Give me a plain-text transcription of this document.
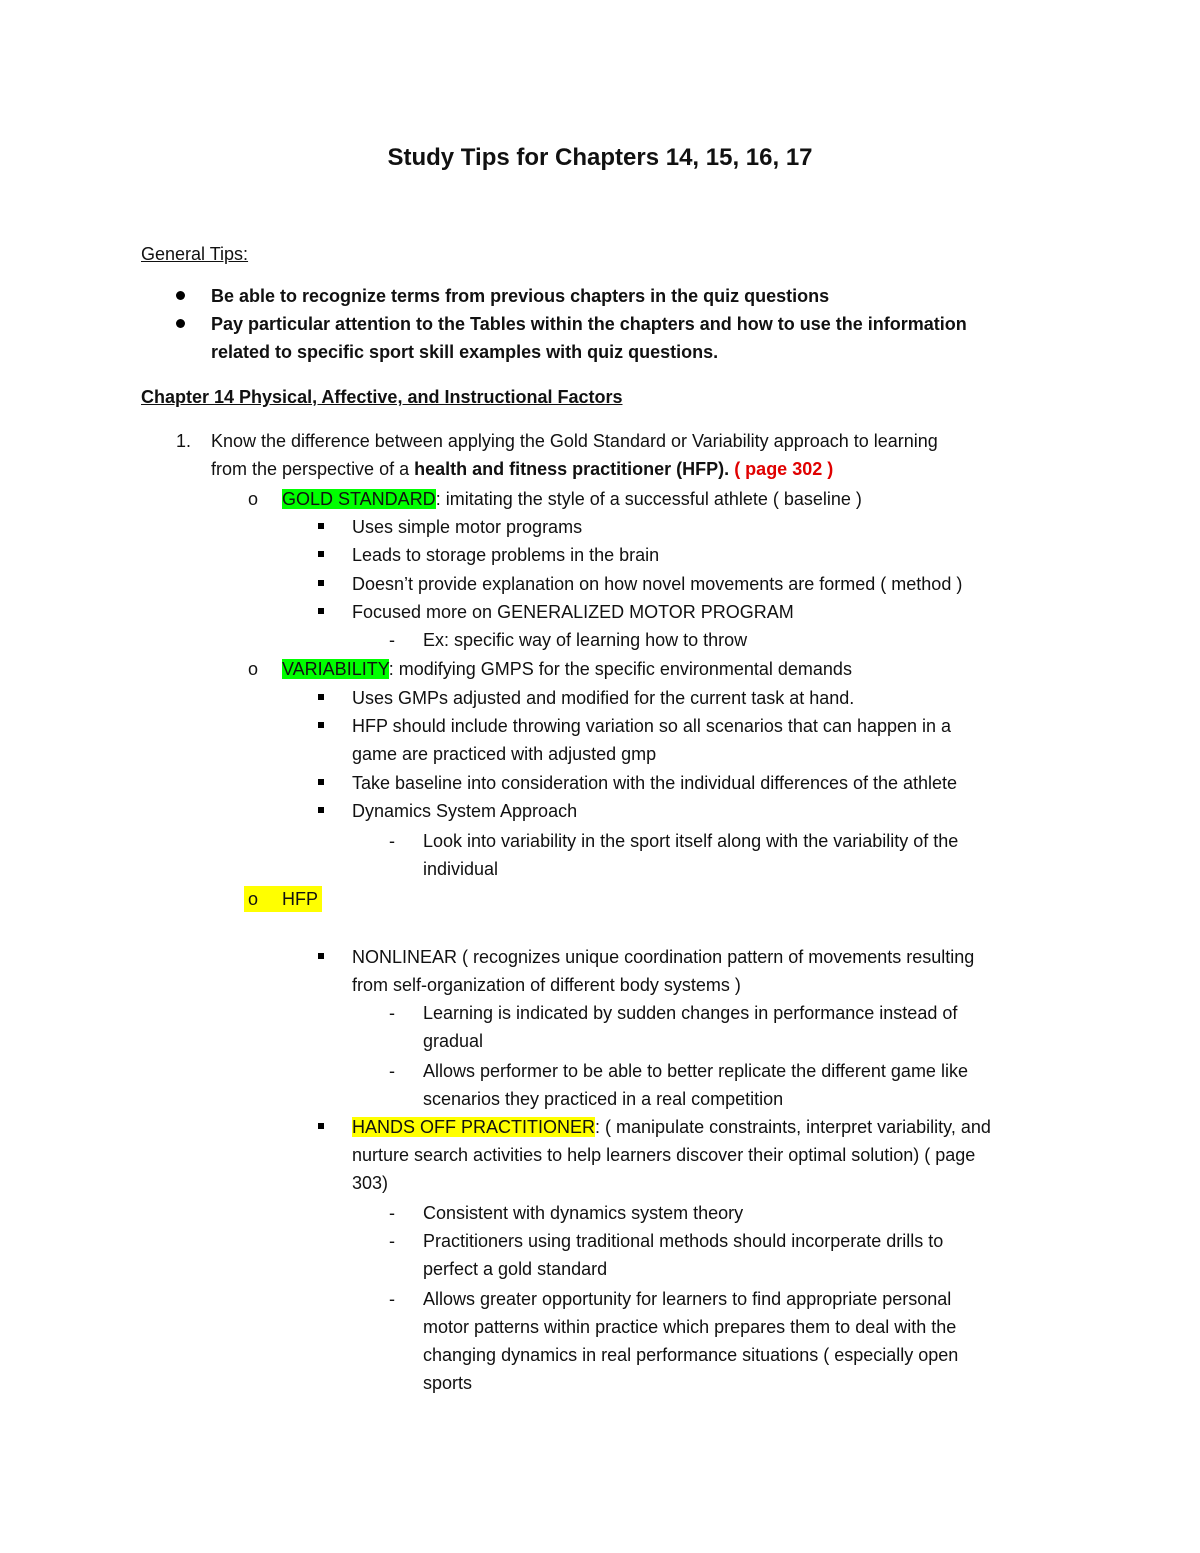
Study Tips for Chapters 14, 15, 16, 17
General Tips:
Be able to recognize terms from previous chapters in the quiz questions
Pay particular attention to the Tables within the chapters and how to use the information
related to specific sport skill examples with quiz questions.
Chapter 14 Physical, Affective, and Instructional Factors
1. Know the difference between applying the Gold Standard or Variability approach to learning
from the perspective of a health and fitness practitioner (HFP). ( page 302 )
o GOLD STANDARD: imitating the style of a successful athlete ( baseline )
Uses simple motor programs
Leads to storage problems in the brain
Doesn’t provide explanation on how novel movements are formed ( method )
Focused more on GENERALIZED MOTOR PROGRAM
- Ex: specific way of learning how to throw
o VARIABILITY: modifying GMPS for the specific environmental demands
Uses GMPs adjusted and modified for the current task at hand.
HFP should include throwing variation so all scenarios that can happen in a
game are practiced with adjusted gmp
Take baseline into consideration with the individual differences of the athlete
Dynamics System Approach
- Look into variability in the sport itself along with the variability of the
individual
o HFP
NONLINEAR ( recognizes unique coordination pattern of movements resulting
from self-organization of different body systems )
- Learning is indicated by sudden changes in performance instead of
gradual
- Allows performer to be able to better replicate the different game like
scenarios they practiced in a real competition
HANDS OFF PRACTITIONER: ( manipulate constraints, interpret variability, and
nurture search activities to help learners discover their optimal solution) ( page
303)
- Consistent with dynamics system theory
- Practitioners using traditional methods should incorperate drills to
perfect a gold standard
- Allows greater opportunity for learners to find appropriate personal
motor patterns within practice which prepares them to deal with the
changing dynamics in real performance situations ( especially open
sports
